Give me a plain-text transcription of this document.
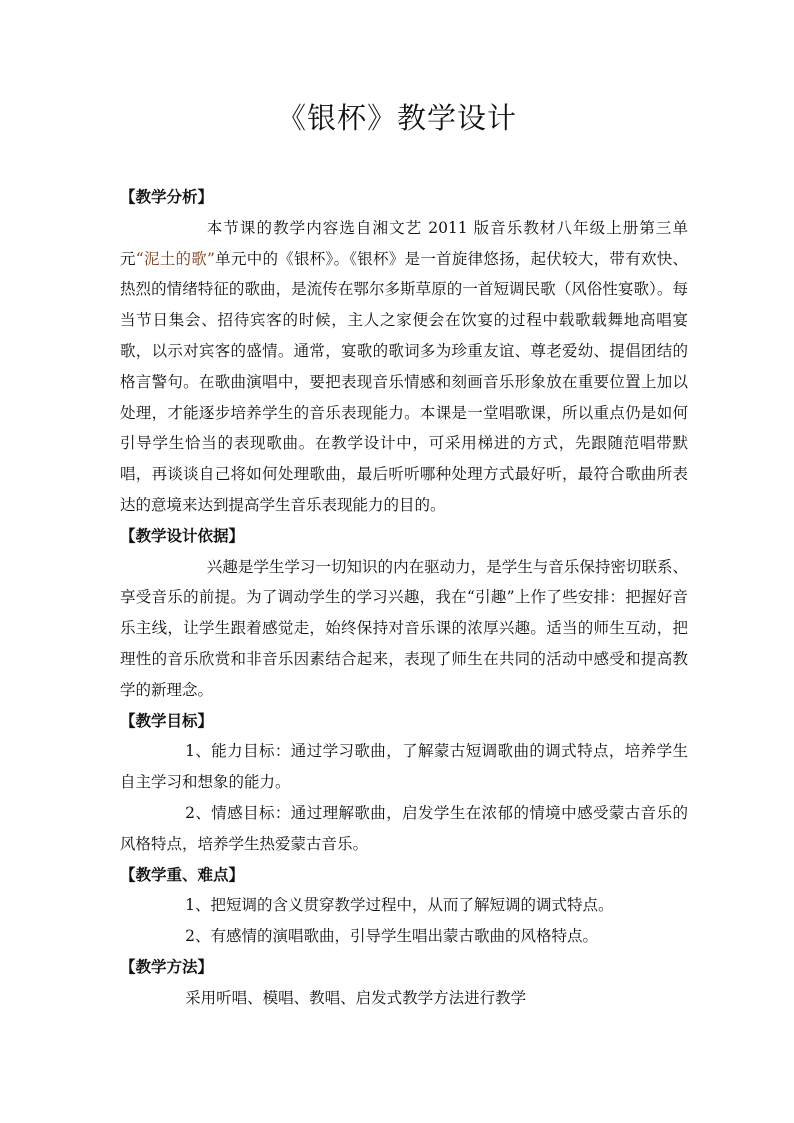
《银杯》教学设计

【教学分析】

本节课的教学内容选自湘文艺 2011 版音乐教材八年级上册第三单元“泥土的歌”单元中的《银杯》。《银杯》是一首旋律悠扬，起伏较大，带有欢快、热烈的情绪特征的歌曲，是流传在鄂尔多斯草原的一首短调民歌（风俗性宴歌）。每当节日集会、招待宾客的时候，主人之家便会在饮宴的过程中载歌载舞地高唱宴歌，以示对宾客的盛情。通常，宴歌的歌词多为珍重友谊、尊老爱幼、提倡团结的格言警句。在歌曲演唱中，要把表现音乐情感和刻画音乐形象放在重要位置上加以处理，才能逐步培养学生的音乐表现能力。本课是一堂唱歌课，所以重点仍是如何引导学生恰当的表现歌曲。在教学设计中，可采用梯进的方式，先跟随范唱带默唱，再谈谈自己将如何处理歌曲，最后听听哪种处理方式最好听，最符合歌曲所表达的意境来达到提高学生音乐表现能力的目的。

【教学设计依据】

兴趣是学生学习一切知识的内在驱动力，是学生与音乐保持密切联系、享受音乐的前提。为了调动学生的学习兴趣，我在“引趣”上作了些安排：把握好音乐主线，让学生跟着感觉走，始终保持对音乐课的浓厚兴趣。适当的师生互动，把理性的音乐欣赏和非音乐因素结合起来，表现了师生在共同的活动中感受和提高教学的新理念。

【教学目标】

1、能力目标：通过学习歌曲，了解蒙古短调歌曲的调式特点，培养学生自主学习和想象的能力。

2、情感目标：通过理解歌曲，启发学生在浓郁的情境中感受蒙古音乐的风格特点，培养学生热爱蒙古音乐。

【教学重、难点】

1、把短调的含义贯穿教学过程中，从而了解短调的调式特点。

2、有感情的演唱歌曲，引导学生唱出蒙古歌曲的风格特点。

【教学方法】

采用听唱、模唱、教唱、启发式教学方法进行教学
